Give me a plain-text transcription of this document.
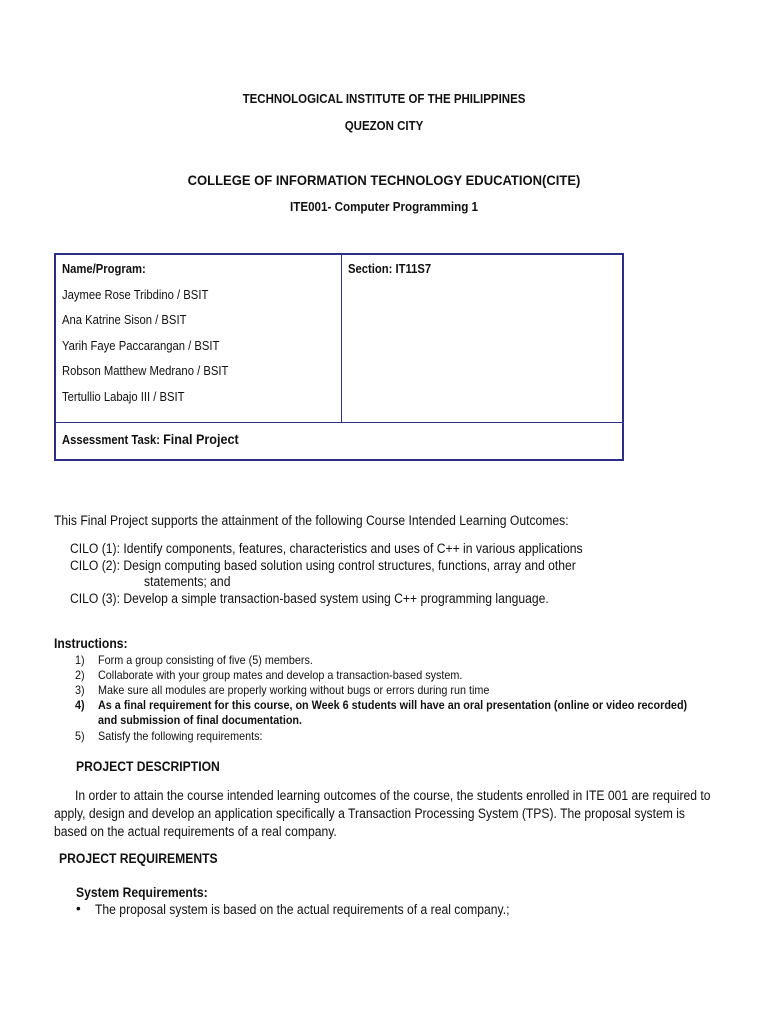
TECHNOLOGICAL INSTITUTE OF THE PHILIPPINES
QUEZON CITY
COLLEGE OF INFORMATION TECHNOLOGY EDUCATION(CITE)
ITE001- Computer Programming 1
Name/Program:
Jaymee Rose Tribdino / BSIT
Ana Katrine Sison / BSIT
Yarih Faye Paccarangan / BSIT
Robson Matthew Medrano / BSIT
Tertullio Labajo III / BSIT
Section: IT11S7
Assessment Task: Final Project
This Final Project supports the attainment of the following Course Intended Learning Outcomes:
CILO (1): Identify components, features, characteristics and uses of C++ in various applications
CILO (2): Design computing based solution using control structures, functions, array and other
statements; and
CILO (3): Develop a simple transaction-based system using C++ programming language.
Instructions:
1) Form a group consisting of five (5) members.
2) Collaborate with your group mates and develop a transaction-based system.
3) Make sure all modules are properly working without bugs or errors during run time
4) As a final requirement for this course, on Week 6 students will have an oral presentation (online or video recorded)
and submission of final documentation.
5) Satisfy the following requirements:
PROJECT DESCRIPTION
In order to attain the course intended learning outcomes of the course, the students enrolled in ITE 001 are required to
apply, design and develop an application specifically a Transaction Processing System (TPS). The proposal system is
based on the actual requirements of a real company.
PROJECT REQUIREMENTS
System Requirements:
• The proposal system is based on the actual requirements of a real company.;
